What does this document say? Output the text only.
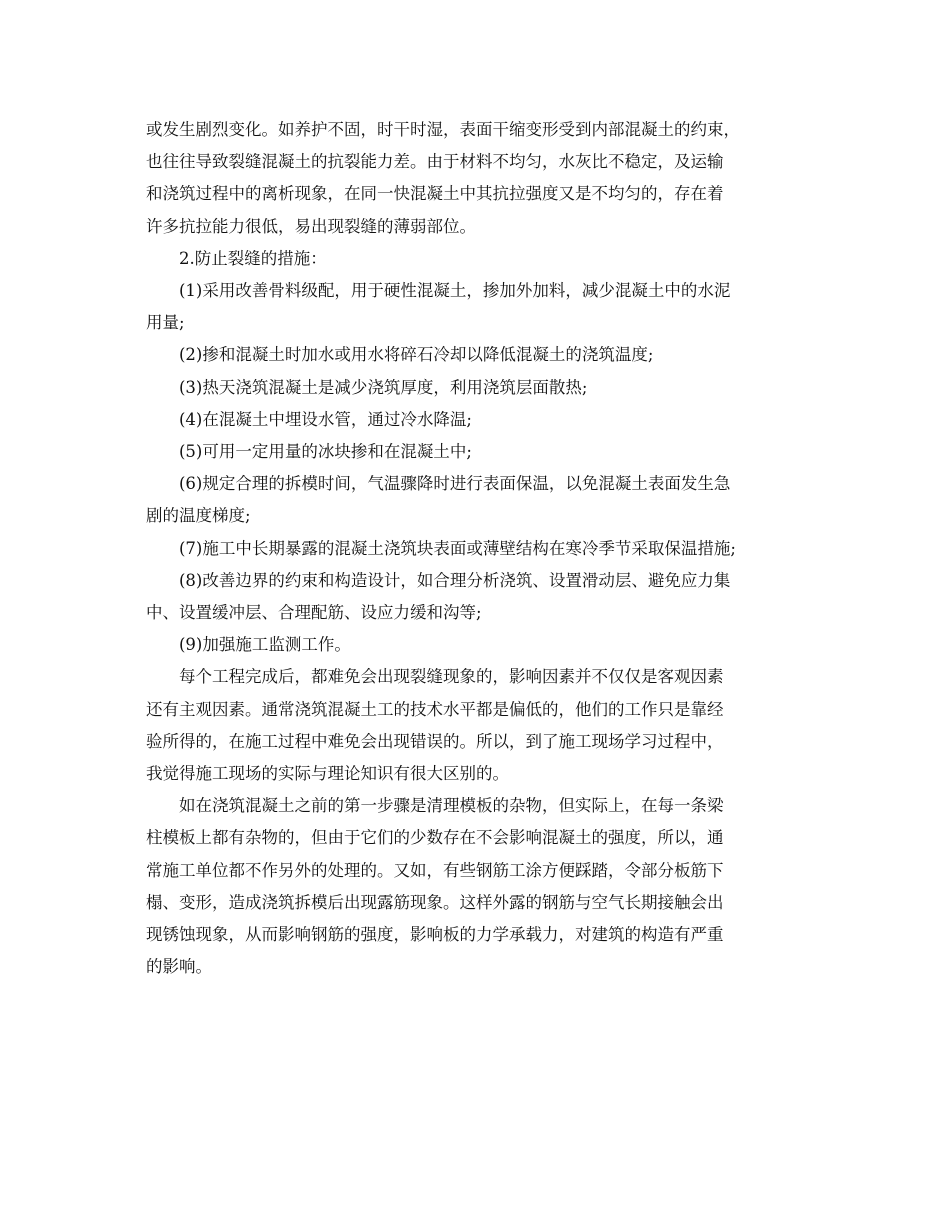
或发生剧烈变化。如养护不固，时干时湿，表面干缩变形受到内部混凝土的约束，
也往往导致裂缝混凝土的抗裂能力差。由于材料不均匀，水灰比不稳定，及运输
和浇筑过程中的离析现象，在同一快混凝土中其抗拉强度又是不均匀的，存在着
许多抗拉能力很低，易出现裂缝的薄弱部位。

2.防止裂缝的措施：

(1)采用改善骨料级配，用于硬性混凝土，掺加外加料，减少混凝土中的水泥
用量;

(2)掺和混凝土时加水或用水将碎石冷却以降低混凝土的浇筑温度;

(3)热天浇筑混凝土是减少浇筑厚度，利用浇筑层面散热;

(4)在混凝土中埋设水管，通过冷水降温;

(5)可用一定用量的冰块掺和在混凝土中;

(6)规定合理的拆模时间，气温骤降时进行表面保温，以免混凝土表面发生急
剧的温度梯度;

(7)施工中长期暴露的混凝土浇筑块表面或薄壁结构在寒冷季节采取保温措施;

(8)改善边界的约束和构造设计，如合理分析浇筑、设置滑动层、避免应力集
中、设置缓冲层、合理配筋、设应力缓和沟等;

(9)加强施工监测工作。

每个工程完成后，都难免会出现裂缝现象的，影响因素并不仅仅是客观因素
还有主观因素。通常浇筑混凝土工的技术水平都是偏低的，他们的工作只是靠经
验所得的，在施工过程中难免会出现错误的。所以，到了施工现场学习过程中，
我觉得施工现场的实际与理论知识有很大区别的。

如在浇筑混凝土之前的第一步骤是清理模板的杂物，但实际上，在每一条梁
柱模板上都有杂物的，但由于它们的少数存在不会影响混凝土的强度，所以，通
常施工单位都不作另外的处理的。又如，有些钢筋工涂方便踩踏，令部分板筋下
榻、变形，造成浇筑拆模后出现露筋现象。这样外露的钢筋与空气长期接触会出
现锈蚀现象，从而影响钢筋的强度，影响板的力学承载力，对建筑的构造有严重
的影响。
